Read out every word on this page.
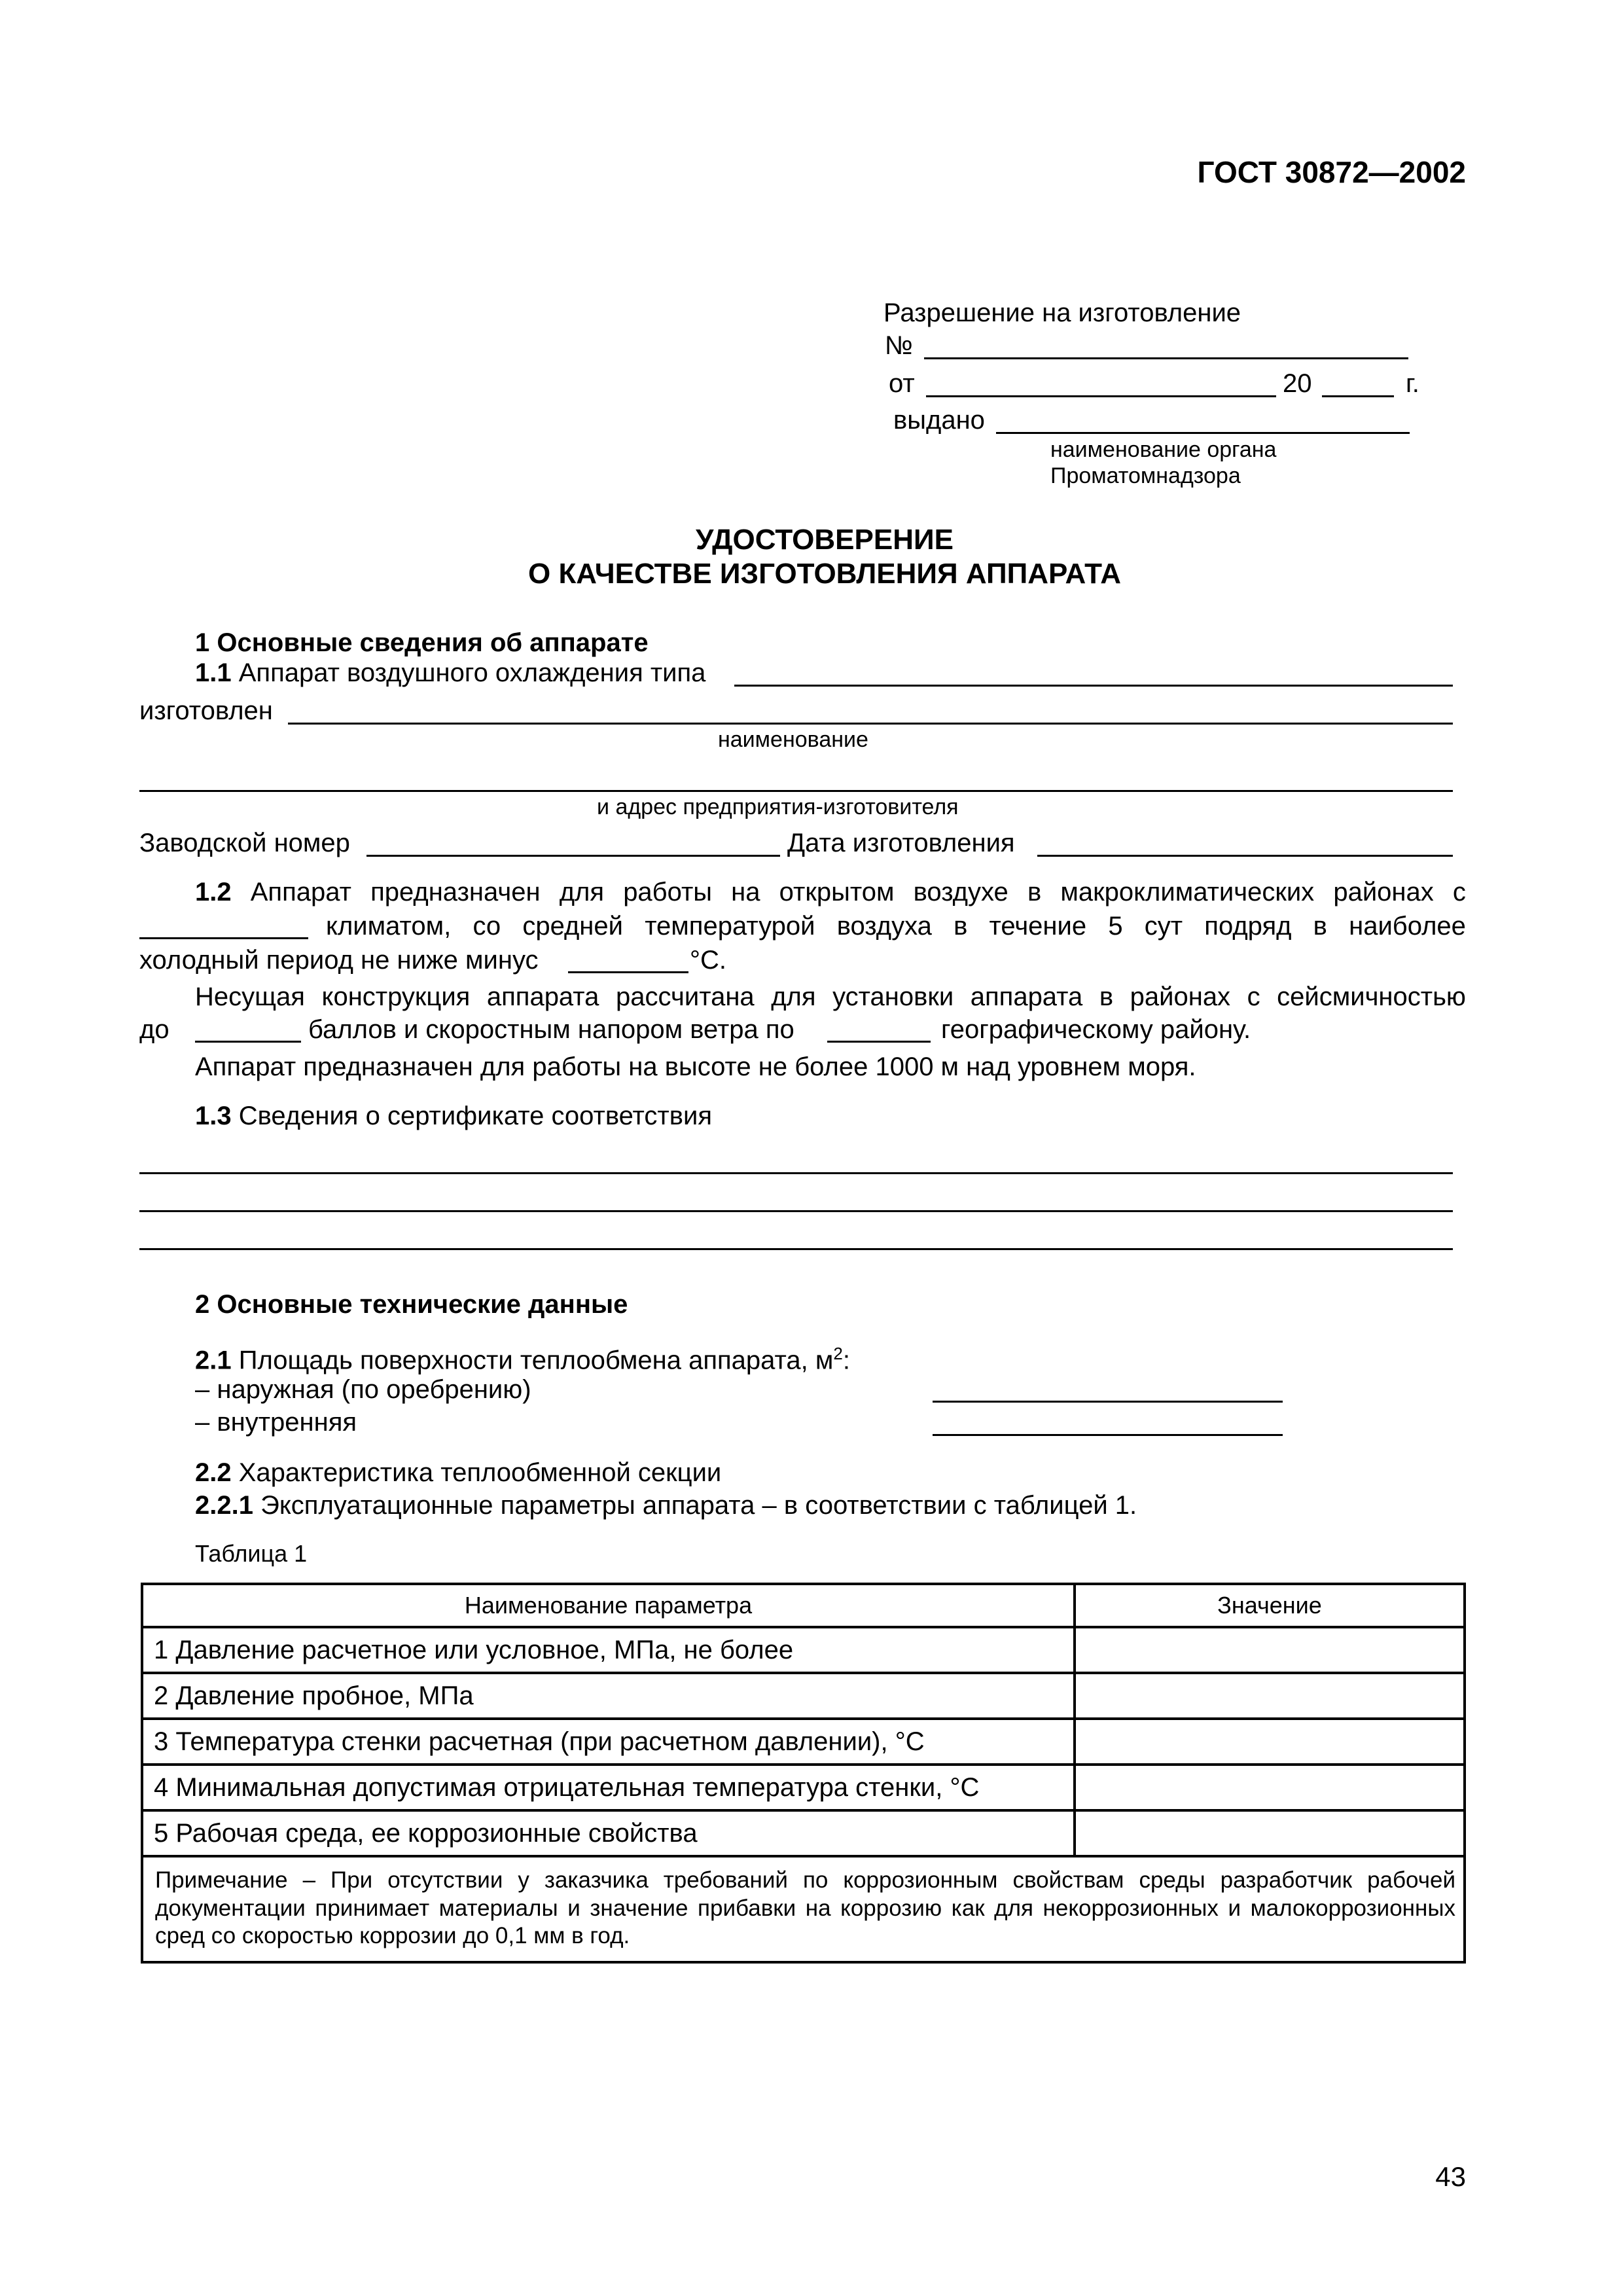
ГОСТ 30872—2002
Разрешение на изготовление
№
от	20	г.
выдано
наименование органа
Проматомнадзора
УДОСТОВЕРЕНИЕ
О КАЧЕСТВЕ ИЗГОТОВЛЕНИЯ АППАРАТА
1 Основные сведения об аппарате
1.1 Аппарат воздушного охлаждения типа
изготовлен
наименование
и адрес предприятия-изготовителя
Заводской номер	Дата изготовления
1.2 Аппарат предназначен для работы на открытом воздухе в макроклиматических районах с
климатом, со средней температурой воздуха в течение 5 сут подряд в наиболее
холодный период не ниже минус	°С.
Несущая конструкция аппарата рассчитана для установки аппарата в районах с сейсмичностью
до	баллов и скоростным напором ветра по	географическому району.
Аппарат предназначен для работы на высоте не более 1000 м над уровнем моря.
1.3 Сведения о сертификате соответствия
2 Основные технические данные
2.1 Площадь поверхности теплообмена аппарата, $м^2$:
– наружная (по оребрению)
– внутренняя
2.2 Характеристика теплообменной секции
2.2.1 Эксплуатационные параметры аппарата – в соответствии с таблицей 1.
Таблица 1
Наименование параметра	Значение
1 Давление расчетное или условное, МПа, не более	
2 Давление пробное, МПа	
3 Температура стенки расчетная (при расчетном давлении), °С	
4 Минимальная допустимая отрицательная температура стенки, °С	
5 Рабочая среда, ее коррозионные свойства	
Примечание – При отсутствии у заказчика требований по коррозионным свойствам среды разработчик рабочей документации принимает материалы и значение прибавки на коррозию как для некоррозионных и малокоррозионных сред со скоростью коррозии до 0,1 мм в год.	
43
